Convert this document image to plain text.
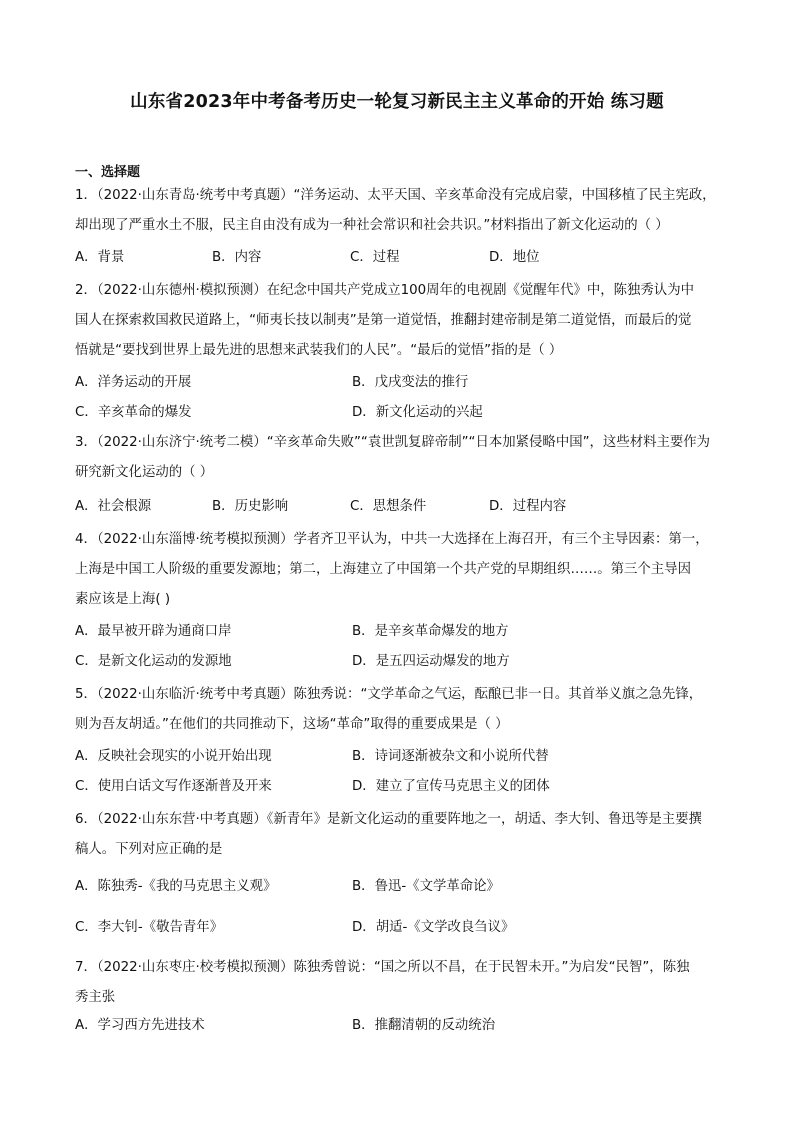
山东省2023年中考备考历史一轮复习新民主主义革命的开始 练习题
一、选择题
1．（2022·山东青岛·统考中考真题）“洋务运动、太平天国、辛亥革命没有完成启蒙，中国移植了民主宪政，
却出现了严重水土不服，民主自由没有成为一种社会常识和社会共识。”材料指出了新文化运动的（ ）
A．背景	B．内容	C．过程	D．地位
2．（2022·山东德州·模拟预测）在纪念中国共产党成立100周年的电视剧《觉醒年代》中，陈独秀认为中
国人在探索救国救民道路上，“师夷长技以制夷”是第一道觉悟，推翻封建帝制是第二道觉悟，而最后的觉
悟就是“要找到世界上最先进的思想来武装我们的人民”。“最后的觉悟”指的是（ ）
A．洋务运动的开展	B．戊戌变法的推行
C．辛亥革命的爆发	D．新文化运动的兴起
3．（2022·山东济宁·统考二模）“辛亥革命失败”“袁世凯复辟帝制”“日本加紧侵略中国”，这些材料主要作为
研究新文化运动的（ ）
A．社会根源	B．历史影响	C．思想条件	D．过程内容
4．（2022·山东淄博·统考模拟预测）学者齐卫平认为，中共一大选择在上海召开，有三个主导因素：第一，
上海是中国工人阶级的重要发源地；第二，上海建立了中国第一个共产党的早期组织……。第三个主导因
素应该是上海( )
A．最早被开辟为通商口岸	B．是辛亥革命爆发的地方
C．是新文化运动的发源地	D．是五四运动爆发的地方
5．（2022·山东临沂·统考中考真题）陈独秀说：“文学革命之气运，酝酿已非一日。其首举义旗之急先锋，
则为吾友胡适。”在他们的共同推动下，这场“革命”取得的重要成果是（ ）
A．反映社会现实的小说开始出现	B．诗词逐渐被杂文和小说所代替
C．使用白话文写作逐渐普及开来	D．建立了宣传马克思主义的团体
6．（2022·山东东营·中考真题）《新青年》是新文化运动的重要阵地之一，胡适、李大钊、鲁迅等是主要撰
稿人。下列对应正确的是
A．陈独秀-《我的马克思主义观》	B．鲁迅-《文学革命论》
C．李大钊-《敬告青年》	D．胡适-《文学改良刍议》
7．（2022·山东枣庄·校考模拟预测）陈独秀曾说：“国之所以不昌，在于民智未开。”为启发“民智”，陈独
秀主张
A．学习西方先进技术	B．推翻清朝的反动统治
